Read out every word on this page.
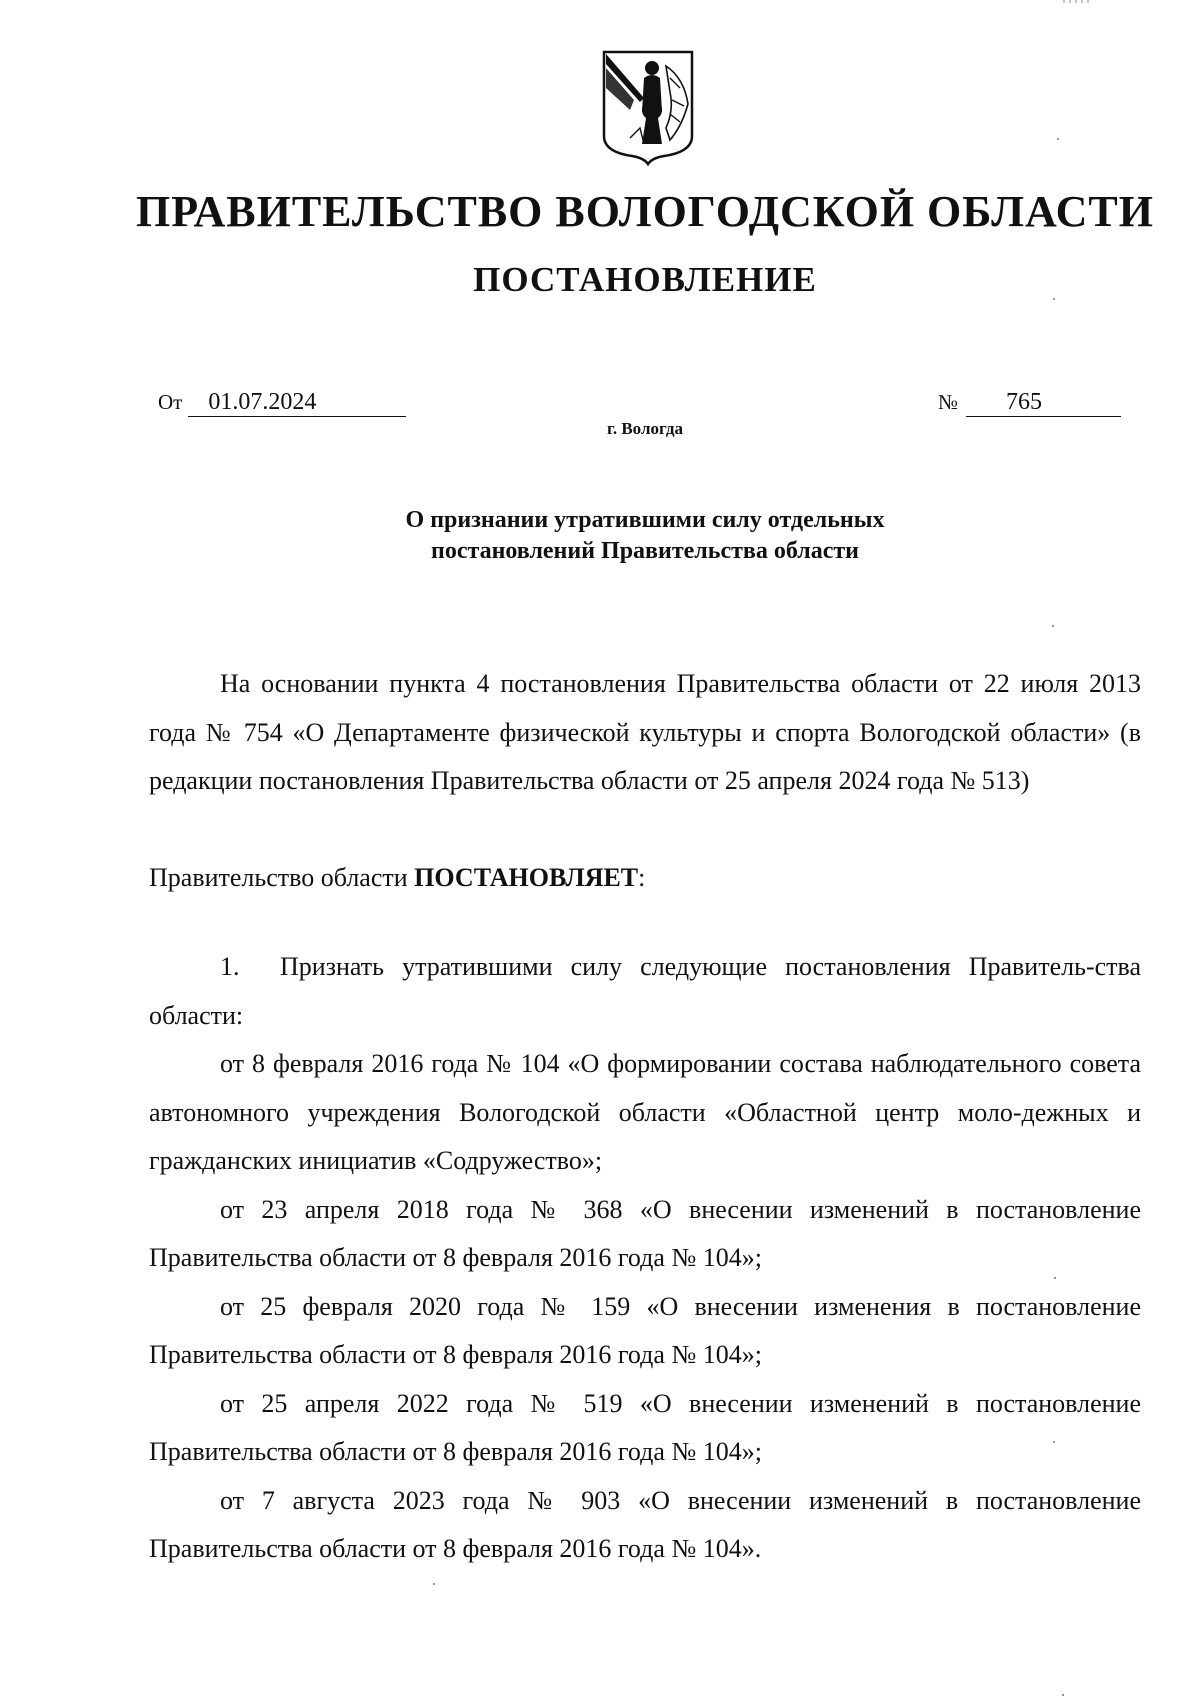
ПРАВИТЕЛЬСТВО ВОЛОГОДСКОЙ ОБЛАСТИ
ПОСТАНОВЛЕНИЕ
От 01.07.2024	№ 765
г. Вологда
О признании утратившими силу отдельных
постановлений Правительства области

На основании пункта 4 постановления Правительства области от 22 июля 2013 года № 754 «О Департаменте физической культуры и спорта Вологодской области» (в редакции постановления Правительства области от 25 апреля 2024 года № 513)

Правительство области ПОСТАНОВЛЯЕТ:

1. Признать утратившими силу следующие постановления Правитель-ства области:

от 8 февраля 2016 года № 104 «О формировании состава наблюдательного совета автономного учреждения Вологодской области «Областной центр моло-дежных и гражданских инициатив «Содружество»;

от 23 апреля 2018 года № 368 «О внесении изменений в постановление Правительства области от 8 февраля 2016 года № 104»;

от 25 февраля 2020 года № 159 «О внесении изменения в постановление Правительства области от 8 февраля 2016 года № 104»;

от 25 апреля 2022 года № 519 «О внесении изменений в постановление Правительства области от 8 февраля 2016 года № 104»;

от 7 августа 2023 года № 903 «О внесении изменений в постановление Правительства области от 8 февраля 2016 года № 104».
